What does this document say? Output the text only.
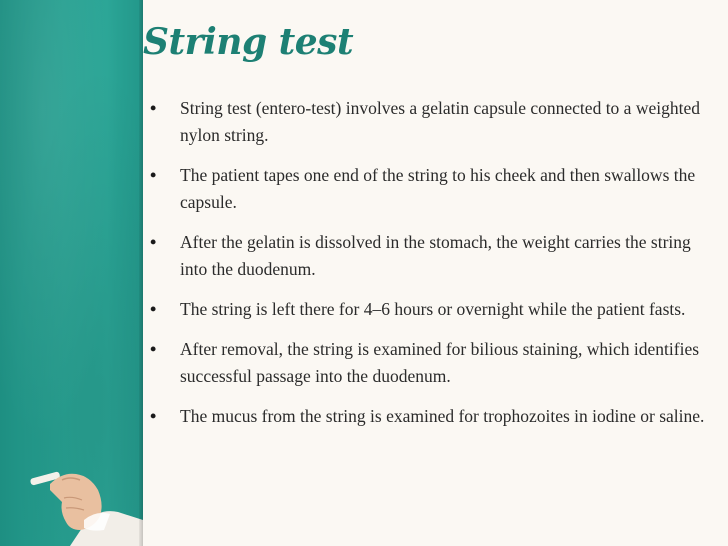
String test
•	String test (entero-test) involves a gelatin capsule connected to a weighted nylon string.
•	The patient tapes one end of the string to his cheek and then swallows the capsule.
•	After the gelatin is dissolved in the stomach, the weight carries the string into the duodenum.
•	The string is left there for 4–6 hours or overnight while the patient fasts.
•	After removal, the string is examined for bilious staining, which identifies successful passage into the duodenum.
•	The mucus from the string is examined for trophozoites in iodine or saline.
